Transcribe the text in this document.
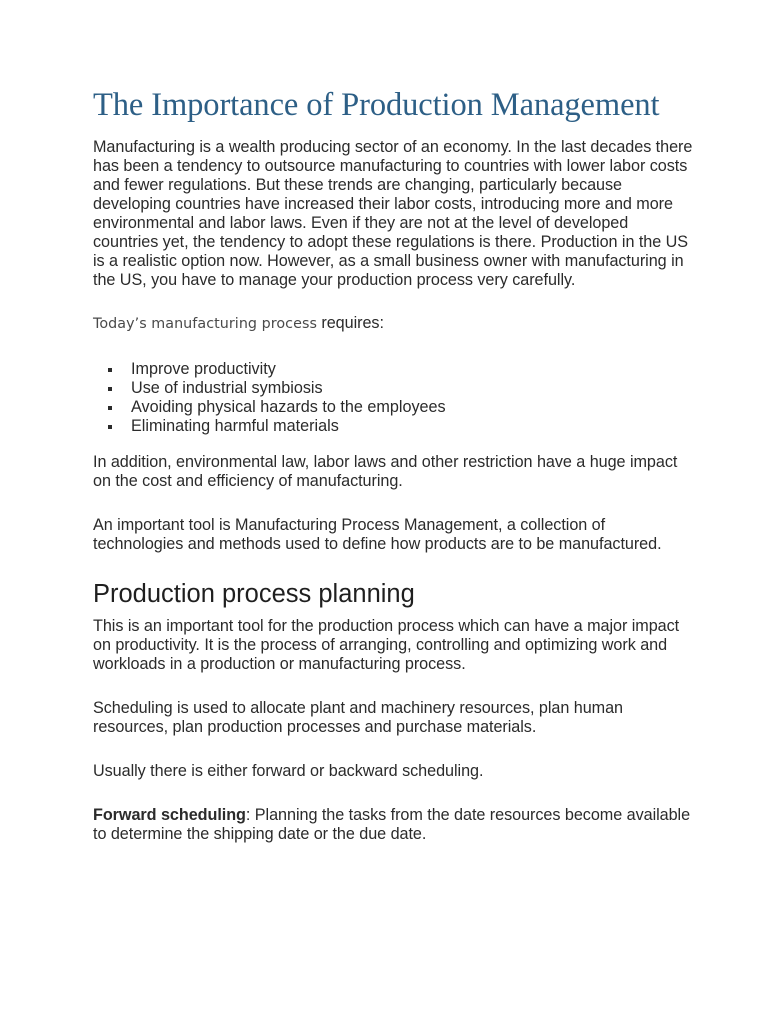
The Importance of Production Management

Manufacturing is a wealth producing sector of an economy. In the last decades there has been a tendency to outsource manufacturing to countries with lower labor costs and fewer regulations. But these trends are changing, particularly because developing countries have increased their labor costs, introducing more and more environmental and labor laws. Even if they are not at the level of developed countries yet, the tendency to adopt these regulations is there. Production in the US is a realistic option now. However, as a small business owner with manufacturing in the US, you have to manage your production process very carefully.

Today’s manufacturing process requires:

Improve productivity
Use of industrial symbiosis
Avoiding physical hazards to the employees
Eliminating harmful materials

In addition, environmental law, labor laws and other restriction have a huge impact on the cost and efficiency of manufacturing.

An important tool is Manufacturing Process Management, a collection of technologies and methods used to define how products are to be manufactured.

Production process planning

This is an important tool for the production process which can have a major impact on productivity. It is the process of arranging, controlling and optimizing work and workloads in a production or manufacturing process.

Scheduling is used to allocate plant and machinery resources, plan human resources, plan production processes and purchase materials.

Usually there is either forward or backward scheduling.

Forward scheduling: Planning the tasks from the date resources become available to determine the shipping date or the due date.
